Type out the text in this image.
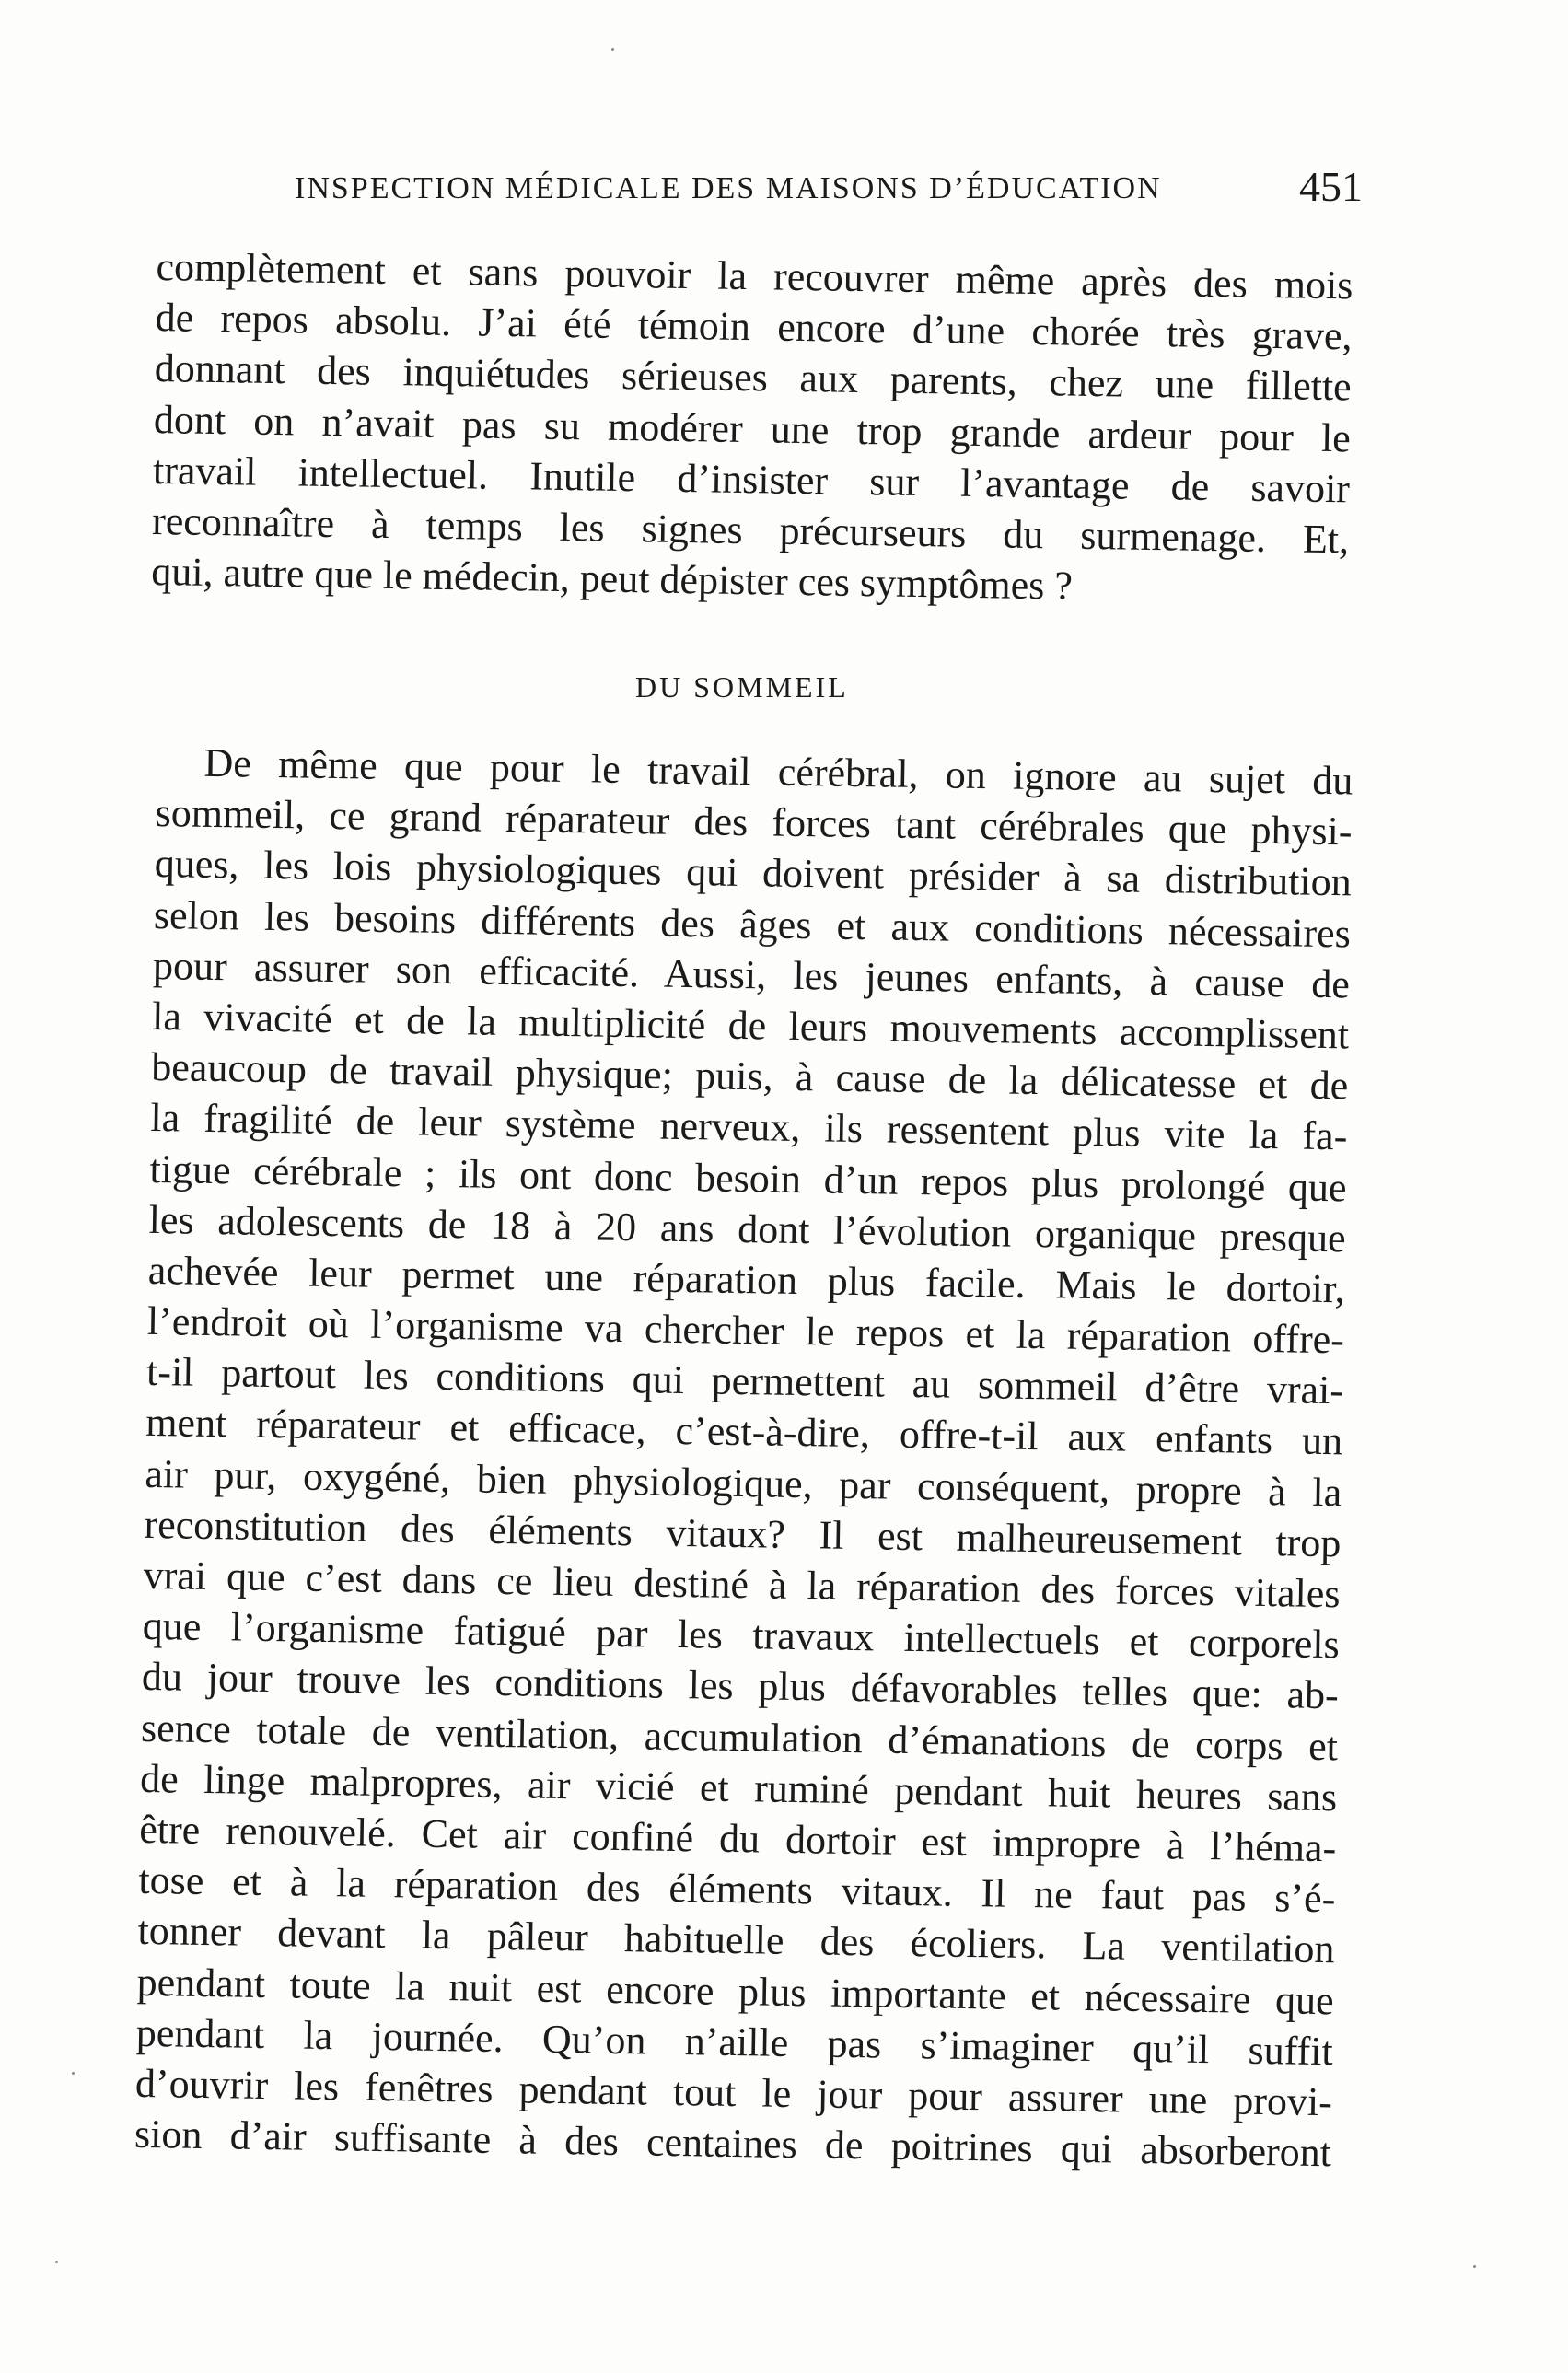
INSPECTION MÉDICALE DES MAISONS D’ÉDUCATION	451
complètement et sans pouvoir la recouvrer même après des mois
de repos absolu. J’ai été témoin encore d’une chorée très grave,
donnant des inquiétudes sérieuses aux parents, chez une fillette
dont on n’avait pas su modérer une trop grande ardeur pour le
travail intellectuel. Inutile d’insister sur l’avantage de savoir
reconnaître à temps les signes précurseurs du surmenage. Et,
qui, autre que le médecin, peut dépister ces symptômes ?
DU SOMMEIL
De même que pour le travail cérébral, on ignore au sujet du
sommeil, ce grand réparateur des forces tant cérébrales que physi-
ques, les lois physiologiques qui doivent présider à sa distribution
selon les besoins différents des âges et aux conditions nécessaires
pour assurer son efficacité. Aussi, les jeunes enfants, à cause de
la vivacité et de la multiplicité de leurs mouvements accomplissent
beaucoup de travail physique; puis, à cause de la délicatesse et de
la fragilité de leur système nerveux, ils ressentent plus vite la fa-
tigue cérébrale ; ils ont donc besoin d’un repos plus prolongé que
les adolescents de 18 à 20 ans dont l’évolution organique presque
achevée leur permet une réparation plus facile. Mais le dortoir,
l’endroit où l’organisme va chercher le repos et la réparation offre-
t-il partout les conditions qui permettent au sommeil d’être vrai-
ment réparateur et efficace, c’est-à-dire, offre-t-il aux enfants un
air pur, oxygéné, bien physiologique, par conséquent, propre à la
reconstitution des éléments vitaux? Il est malheureusement trop
vrai que c’est dans ce lieu destiné à la réparation des forces vitales
que l’organisme fatigué par les travaux intellectuels et corporels
du jour trouve les conditions les plus défavorables telles que: ab-
sence totale de ventilation, accumulation d’émanations de corps et
de linge malpropres, air vicié et ruminé pendant huit heures sans
être renouvelé. Cet air confiné du dortoir est impropre à l’héma-
tose et à la réparation des éléments vitaux. Il ne faut pas s’é-
tonner devant la pâleur habituelle des écoliers. La ventilation
pendant toute la nuit est encore plus importante et nécessaire que
pendant la journée. Qu’on n’aille pas s’imaginer qu’il suffit
d’ouvrir les fenêtres pendant tout le jour pour assurer une provi-
sion d’air suffisante à des centaines de poitrines qui absorberont
